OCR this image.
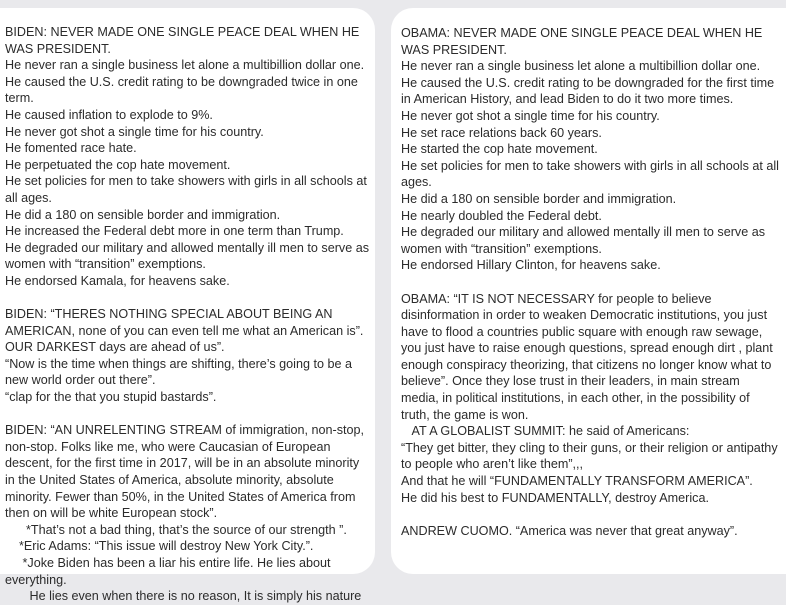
BIDEN: NEVER MADE ONE SINGLE PEACE DEAL WHEN HE WAS PRESIDENT.

He never ran a single business let alone a multibillion dollar one.

He caused the U.S. credit rating to be downgraded twice in one term.

He caused inflation to explode to 9%.

He never got shot a single time for his country.

He fomented race hate.

He perpetuated the cop hate movement.

He set policies for men to take showers with girls in all schools at all ages.

He did a 180 on sensible border and immigration.

He increased the Federal debt more in one term than Trump.

He degraded our military and allowed mentally ill men to serve as women with “transition” exemptions.

He endorsed Kamala, for heavens sake.

BIDEN: “THERES NOTHING SPECIAL ABOUT BEING AN AMERICAN, none of you can even tell me what an American is”.

OUR DARKEST days are ahead of us”.

“Now is the time when things are shifting, there’s going to be a new world order out there”.

“clap for the that you stupid bastards”.

BIDEN: “AN UNRELENTING STREAM of immigration, non-stop, non-stop. Folks like me, who were Caucasian of European descent, for the first time in 2017, will be in an absolute minority in the United States of America, absolute minority, absolute minority. Fewer than 50%, in the United States of America from then on will be white European stock”.

*That’s not a bad thing, that’s the source of our strength ”.

*Eric Adams: “This issue will destroy New York City.”.

*Joke Biden has been a liar his entire life. He lies about everything.

He lies even when there is no reason, It is simply his nature

OBAMA: NEVER MADE ONE SINGLE PEACE DEAL WHEN HE WAS PRESIDENT.

He never ran a single business let alone a multibillion dollar one.

He caused the U.S. credit rating to be downgraded for the first time in American History, and lead Biden to do it two more times.

He never got shot a single time for his country.

He set race relations back 60 years.

He started the cop hate movement.

He set policies for men to take showers with girls in all schools at all ages.

He did a 180 on sensible border and immigration.

He nearly doubled the Federal debt.

He degraded our military and allowed mentally ill men to serve as women with “transition” exemptions.

He endorsed Hillary Clinton, for heavens sake.

OBAMA: “IT IS NOT NECESSARY for people to believe disinformation in order to weaken Democratic institutions, you just have to flood a countries public square with enough raw sewage, you just have to raise enough questions, spread enough dirt , plant enough conspiracy theorizing, that citizens no longer know what to believe”. Once they lose trust in their leaders, in main stream media, in political institutions, in each other, in the possibility of truth, the game is won.

AT A GLOBALIST SUMMIT: he said of Americans:

“They get bitter, they cling to their guns, or their religion or antipathy to people who aren’t like them”,,,

And that he will “FUNDAMENTALLY TRANSFORM AMERICA”.

He did his best to FUNDAMENTALLY, destroy America.

ANDREW CUOMO. “America was never that great anyway”.
